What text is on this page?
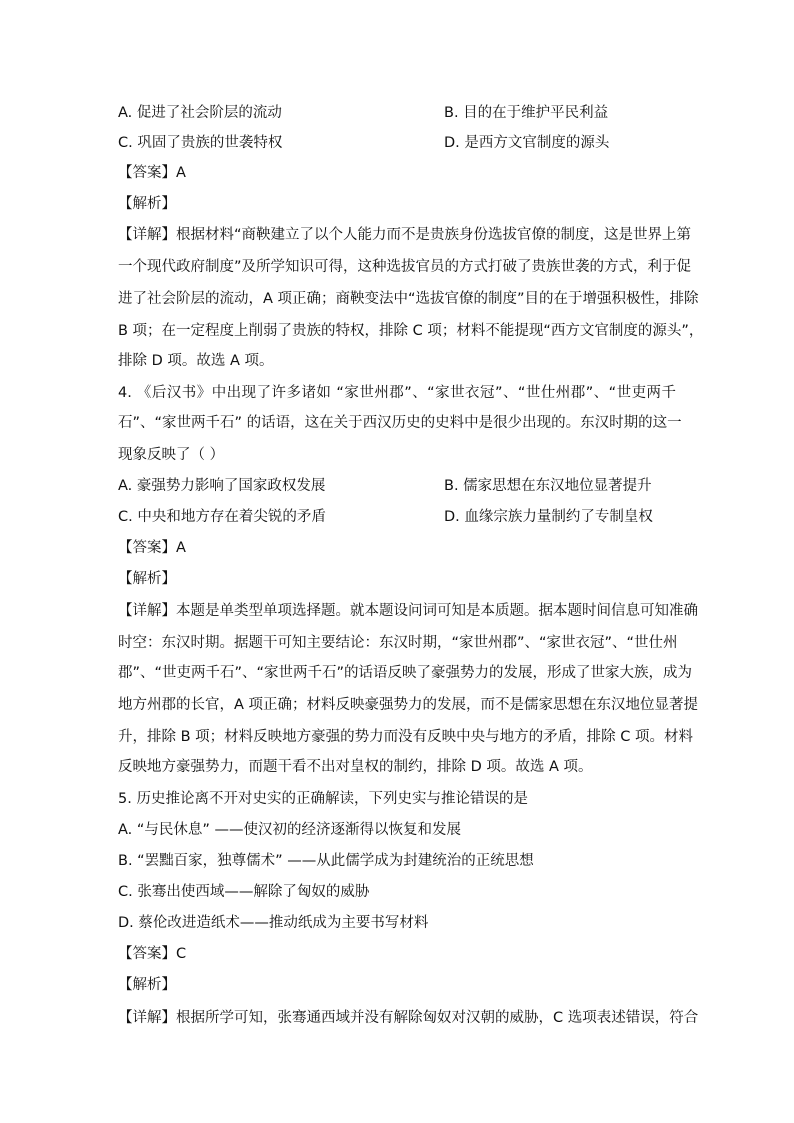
A. 促进了社会阶层的流动	B. 目的在于维护平民利益
C. 巩固了贵族的世袭特权	D. 是西方文官制度的源头
【答案】A
【解析】
【详解】根据材料“商鞅建立了以个人能力而不是贵族身份选拔官僚的制度，这是世界上第
一个现代政府制度”及所学知识可得，这种选拔官员的方式打破了贵族世袭的方式，利于促
进了社会阶层的流动，A 项正确；商鞅变法中“选拔官僚的制度”目的在于增强积极性，排除
B 项；在一定程度上削弱了贵族的特权，排除 C 项；材料不能提现“西方文官制度的源头”，
排除 D 项。故选 A 项。
4. 《后汉书》中出现了许多诸如 “家世州郡”、“家世衣冠”、“世仕州郡”、“世吏两千
石”、“家世两千石” 的话语，这在关于西汉历史的史料中是很少出现的。东汉时期的这一
现象反映了（ ）
A. 豪强势力影响了国家政权发展	B. 儒家思想在东汉地位显著提升
C. 中央和地方存在着尖锐的矛盾	D. 血缘宗族力量制约了专制皇权
【答案】A
【解析】
【详解】本题是单类型单项选择题。就本题设问词可知是本质题。据本题时间信息可知准确
时空：东汉时期。据题干可知主要结论：东汉时期，“家世州郡”、“家世衣冠”、“世仕州
郡”、“世吏两千石”、“家世两千石”的话语反映了豪强势力的发展，形成了世家大族，成为
地方州郡的长官，A 项正确；材料反映豪强势力的发展，而不是儒家思想在东汉地位显著提
升，排除 B 项；材料反映地方豪强的势力而没有反映中央与地方的矛盾，排除 C 项。材料
反映地方豪强势力，而题干看不出对皇权的制约，排除 D 项。故选 A 项。
5. 历史推论离不开对史实的正确解读，下列史实与推论错误的是
A. “与民休息” ——使汉初的经济逐渐得以恢复和发展
B. “罢黜百家，独尊儒术” ——从此儒学成为封建统治的正统思想
C. 张骞出使西域——解除了匈奴的威胁
D. 蔡伦改进造纸术——推动纸成为主要书写材料
【答案】C
【解析】
【详解】根据所学可知，张骞通西域并没有解除匈奴对汉朝的威胁，C 选项表述错误，符合
